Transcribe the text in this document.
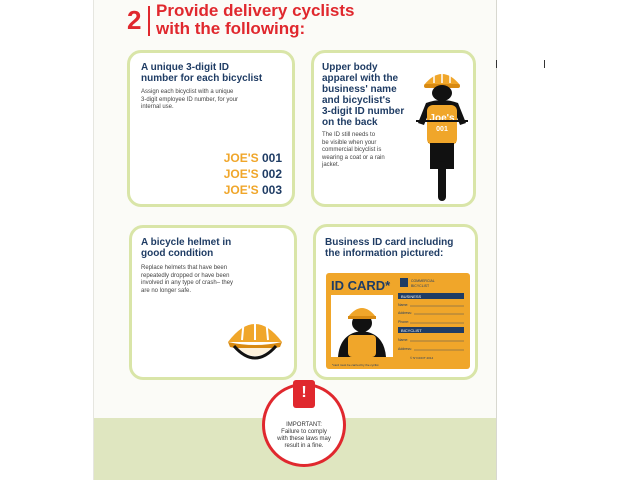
2 Provide delivery cyclists
with the following:
A unique 3-digit ID
number for each bicyclist

Assign each bicyclist with a unique
3-digit employee ID number, for your
internal use.

JOE'S 001
JOE'S 002
JOE'S 003
Upper body
apparel with the
business' name
and bicyclist's
3-digit ID number
on the back

The ID still needs to
be visible when your
commercial bicyclist is
wearing a coat or a rain
jacket.

Joe's
001
A bicycle helmet in
good condition

Replace helmets that have been
repeatedly dropped or have been
involved in any type of crash– they
are no longer safe.

Business ID card including
the information pictured:
ID CARD*	COMMERCIAL
BICYCLIST
BUSINESS
Name:
Address:
Phone:
BICYCLIST
Name:
Address:
© NYCDOT 2014
*card must be carried by the cyclist
!
IMPORTANT:
Failure to comply
with these laws may
result in a fine.
